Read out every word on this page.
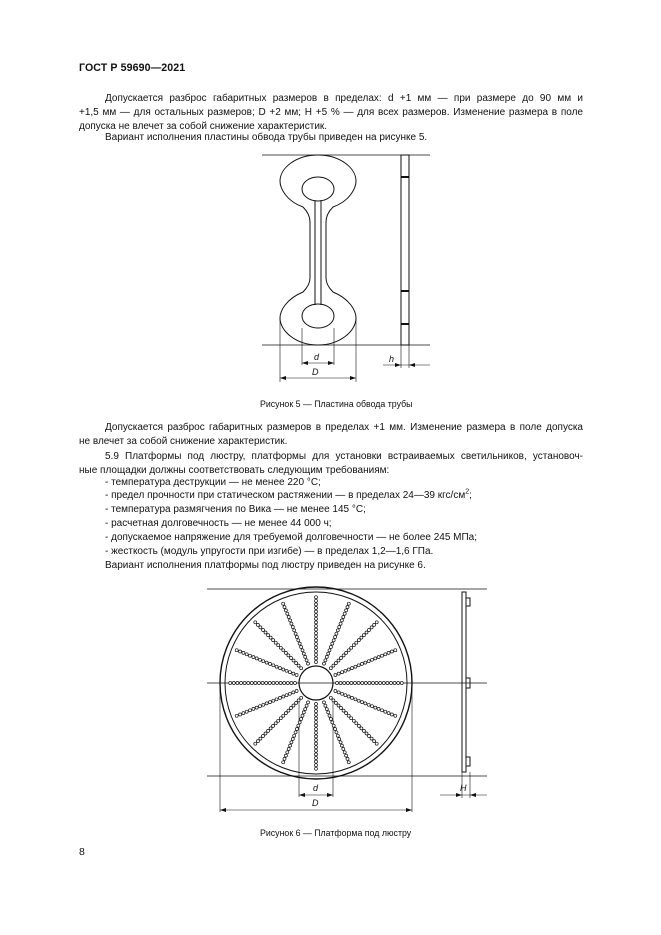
ГОСТ Р 59690—2021
Допускается разброс габаритных размеров в пределах: d +1 мм — при размере до 90 мм и
+1,5 мм — для остальных размеров; D +2 мм; H +5 % — для всех размеров. Изменение размера в поле
допуска не влечет за собой снижение характеристик.
Вариант исполнения пластины обвода трубы приведен на рисунке 5.
d
D
h
d
D
H
Рисунок 5 — Пластина обвода трубы
Допускается разброс габаритных размеров в пределах +1 мм. Изменение размера в поле допуска
не влечет за собой снижение характеристик.
5.9 Платформы под люстру, платформы для установки встраиваемых светильников, установоч-
ные площадки должны соответствовать следующим требованиям:
- температура деструкции — не менее 220 °C;
- предел прочности при статическом растяжении — в пределах 24—39 кгс/$см^2$;
- температура размягчения по Вика — не менее 145 °C;
- расчетная долговечность — не менее 44 000 ч;
- допускаемое напряжение для требуемой долговечности — не более 245 МПа;
- жесткость (модуль упругости при изгибе) — в пределах 1,2—1,6 ГПа.
Вариант исполнения платформы под люстру приведен на рисунке 6.
Рисунок 6 — Платформа под люстру
8
